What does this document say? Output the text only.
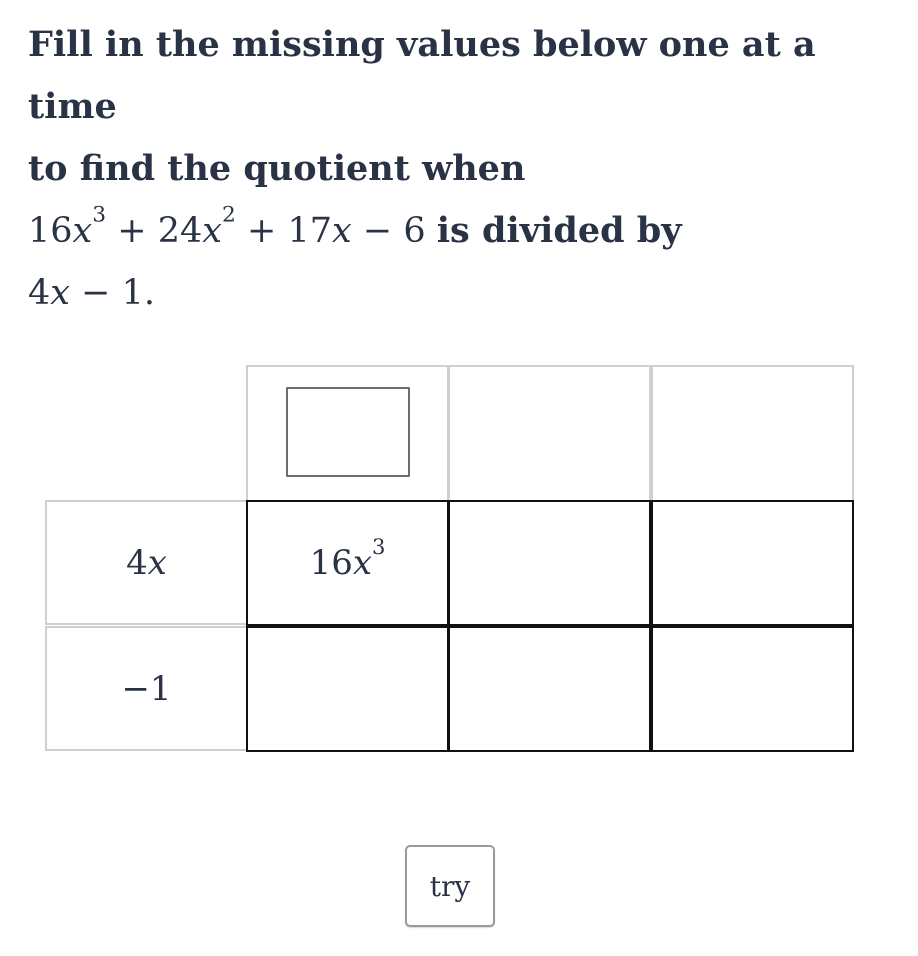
Fill in the missing values below one at a time
to find the quotient when
$16x^3 + 24x^2 + 17x - 6$ is divided by
4x − 1.
4x
−1
$16x^3$
try
